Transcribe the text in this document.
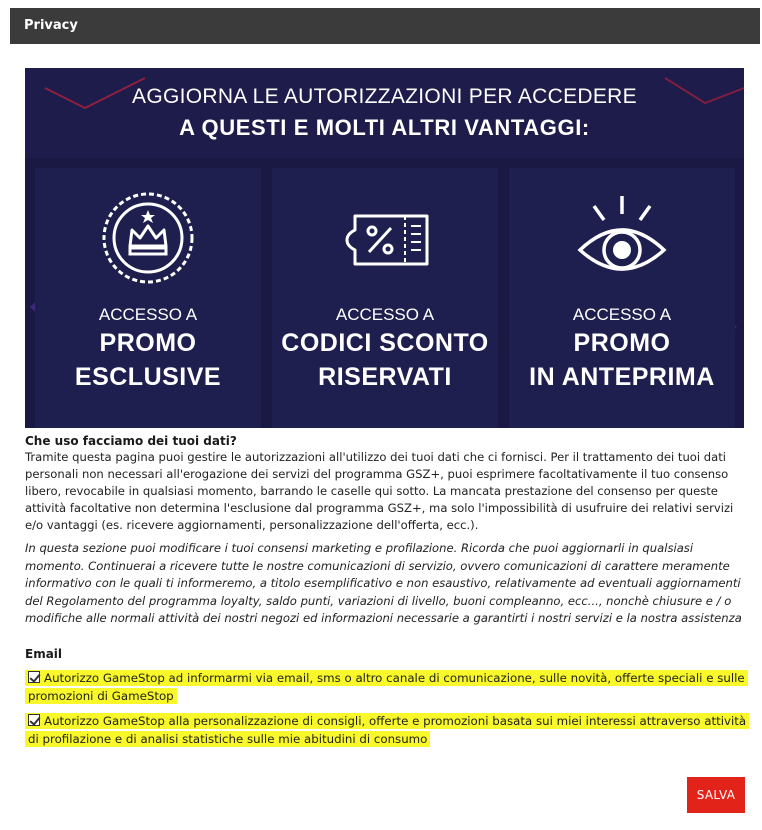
Privacy
AGGIORNA LE AUTORIZZAZIONI PER ACCEDERE
A QUESTI E MOLTI ALTRI VANTAGGI:
ACCESSO A
PROMO
ESCLUSIVE
ACCESSO A
CODICI SCONTO
RISERVATI
ACCESSO A
PROMO
IN ANTEPRIMA
Che uso facciamo dei tuoi dati?
Tramite questa pagina puoi gestire le autorizzazioni all'utilizzo dei tuoi dati che ci fornisci. Per il trattamento dei tuoi dati personali non necessari all'erogazione dei servizi del programma GSZ+, puoi esprimere facoltativamente il tuo consenso libero, revocabile in qualsiasi momento, barrando le caselle qui sotto. La mancata prestazione del consenso per queste attività facoltative non determina l'esclusione dal programma GSZ+, ma solo l'impossibilità di usufruire dei relativi servizi e/o vantaggi (es. ricevere aggiornamenti, personalizzazione dell'offerta, ecc.).
In questa sezione puoi modificare i tuoi consensi marketing e profilazione. Ricorda che puoi aggiornarli in qualsiasi momento. Continuerai a ricevere tutte le nostre comunicazioni di servizio, ovvero comunicazioni di carattere meramente informativo con le quali ti informeremo, a titolo esemplificativo e non esaustivo, relativamente ad eventuali aggiornamenti del Regolamento del programma loyalty, saldo punti, variazioni di livello, buoni compleanno, ecc..., nonchè chiusure e / o modifiche alle normali attività dei nostri negozi ed informazioni necessarie a garantirti i nostri servizi e la nostra assistenza
Email
Autorizzo GameStop ad informarmi via email, sms o altro canale di comunicazione, sulle novità, offerte speciali e sulle promozioni di GameStop
Autorizzo GameStop alla personalizzazione di consigli, offerte e promozioni basata sui miei interessi attraverso attività di profilazione e di analisi statistiche sulle mie abitudini di consumo
SALVA
